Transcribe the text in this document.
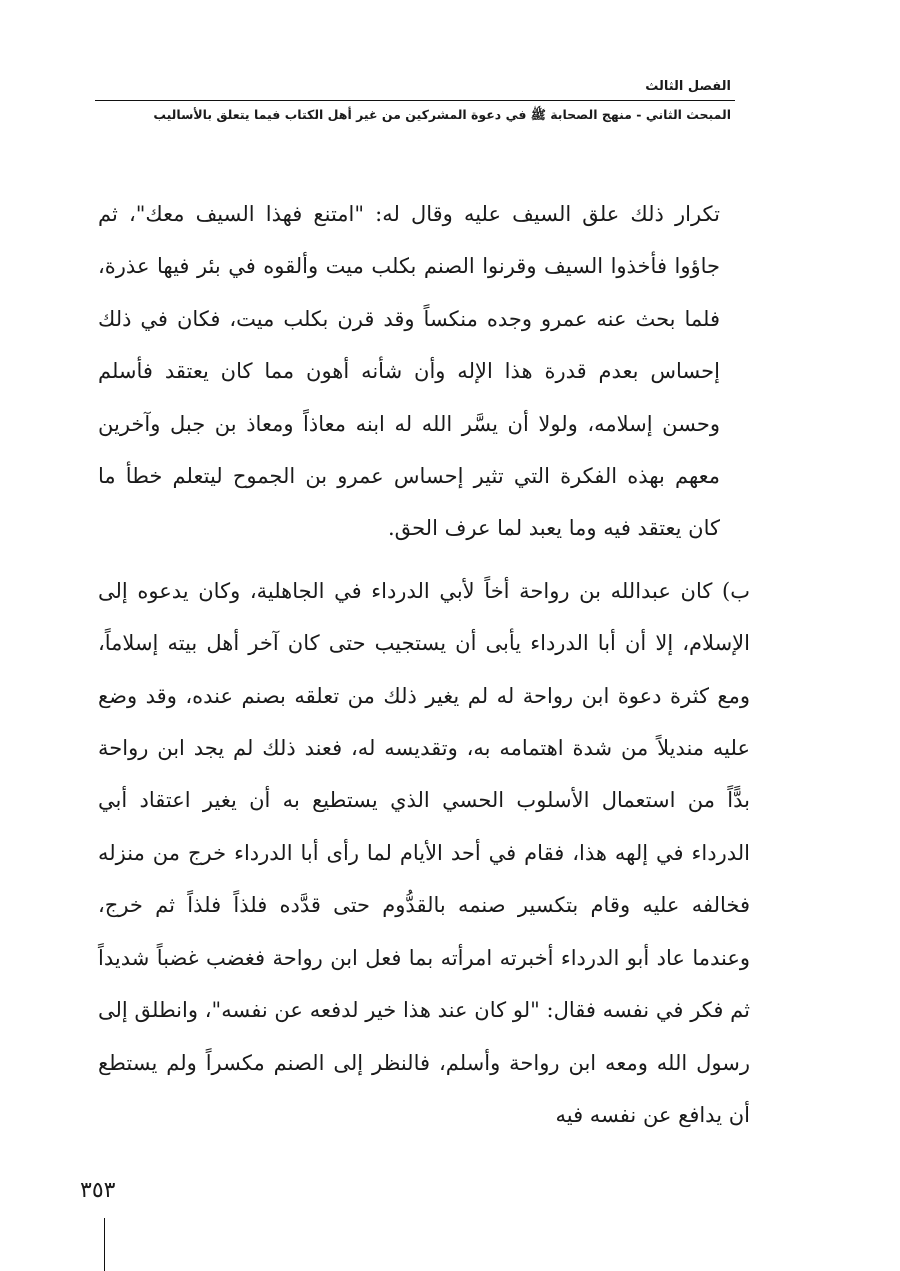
الفصل الثالث
المبحث الثاني - منهج الصحابة ﷺ في دعوة المشركين من غير أهل الكتاب فيما يتعلق بالأساليب

تكرار ذلك علق السيف عليه وقال له: "امتنع فهذا السيف معك"، ثم جاؤوا فأخذوا السيف وقرنوا الصنم بكلب ميت وألقوه في بئر فيها عذرة، فلما بحث عنه عمرو وجده منكساً وقد قرن بكلب ميت، فكان في ذلك إحساس بعدم قدرة هذا الإله وأن شأنه أهون مما كان يعتقد فأسلم وحسن إسلامه، ولولا أن يسَّر الله له ابنه معاذاً ومعاذ بن جبل وآخرين معهم بهذه الفكرة التي تثير إحساس عمرو بن الجموح ليتعلم خطأ ما كان يعتقد فيه وما يعبد لما عرف الحق.

ب) كان عبدالله بن رواحة أخاً لأبي الدرداء في الجاهلية، وكان يدعوه إلى الإسلام، إلا أن أبا الدرداء يأبى أن يستجيب حتى كان آخر أهل بيته إسلاماً، ومع كثرة دعوة ابن رواحة له لم يغير ذلك من تعلقه بصنم عنده، وقد وضع عليه منديلاً من شدة اهتمامه به، وتقديسه له، فعند ذلك لم يجد ابن رواحة بدًّاً من استعمال الأسلوب الحسي الذي يستطيع به أن يغير اعتقاد أبي الدرداء في إلهه هذا، فقام في أحد الأيام لما رأى أبا الدرداء خرج من منزله فخالفه عليه وقام بتكسير صنمه بالقدُّوم حتى قدَّده فلذاً فلذاً ثم خرج، وعندما عاد أبو الدرداء أخبرته امرأته بما فعل ابن رواحة فغضب غضباً شديداً ثم فكر في نفسه فقال: "لو كان عند هذا خير لدفعه عن نفسه"، وانطلق إلى رسول الله ومعه ابن رواحة وأسلم، فالنظر إلى الصنم مكسراً ولم يستطع أن يدافع عن نفسه فيه

٣٥٣
